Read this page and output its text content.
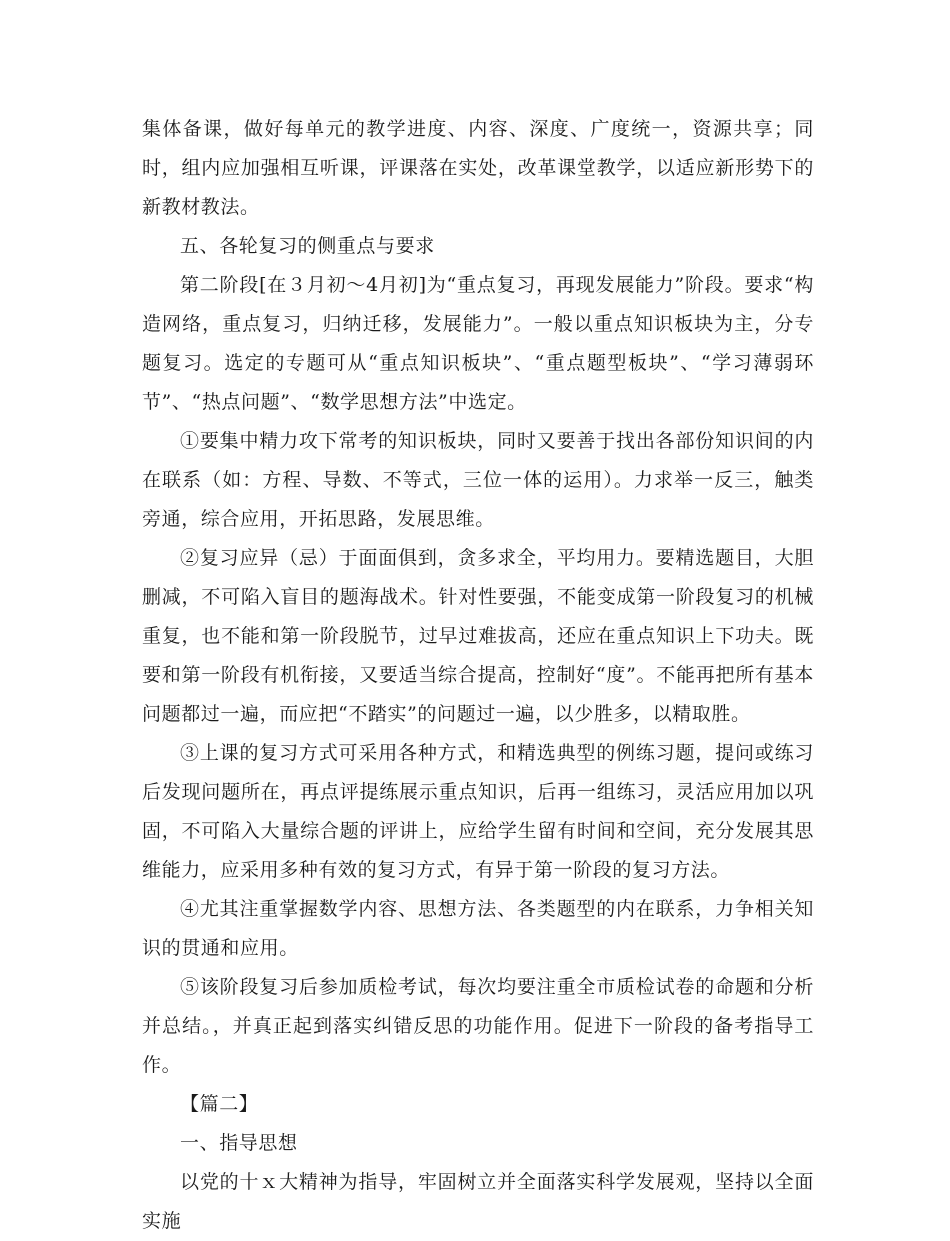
集体备课，做好每单元的教学进度、内容、深度、广度统一，资源共享；同时，组内应加强相互听课，评课落在实处，改革课堂教学，以适应新形势下的新教材教法。

五、各轮复习的侧重点与要求

第二阶段[在３月初～4月初]为“重点复习，再现发展能力”阶段。要求“构造网络，重点复习，归纳迁移，发展能力”。一般以重点知识板块为主，分专题复习。选定的专题可从“重点知识板块”、“重点题型板块”、“学习薄弱环节”、“热点问题”、“数学思想方法”中选定。

①要集中精力攻下常考的知识板块，同时又要善于找出各部份知识间的内在联系（如：方程、导数、不等式，三位一体的运用）。力求举一反三，触类旁通，综合应用，开拓思路，发展思维。

②复习应异（忌）于面面俱到，贪多求全，平均用力。要精选题目，大胆删减，不可陷入盲目的题海战术。针对性要强，不能变成第一阶段复习的机械重复，也不能和第一阶段脱节，过早过难拔高，还应在重点知识上下功夫。既要和第一阶段有机衔接，又要适当综合提高，控制好“度”。不能再把所有基本问题都过一遍，而应把“不踏实”的问题过一遍，以少胜多，以精取胜。

③上课的复习方式可采用各种方式，和精选典型的例练习题，提问或练习后发现问题所在，再点评提练展示重点知识，后再一组练习，灵活应用加以巩固，不可陷入大量综合题的评讲上，应给学生留有时间和空间，充分发展其思维能力，应采用多种有效的复习方式，有异于第一阶段的复习方法。

④尤其注重掌握数学内容、思想方法、各类题型的内在联系，力争相关知识的贯通和应用。

⑤该阶段复习后参加质检考试，每次均要注重全市质检试卷的命题和分析并总结。，并真正起到落实纠错反思的功能作用。促进下一阶段的备考指导工作。

【篇二】

一、指导思想

以党的十ｘ大精神为指导，牢固树立并全面落实科学发展观，坚持以全面实施
